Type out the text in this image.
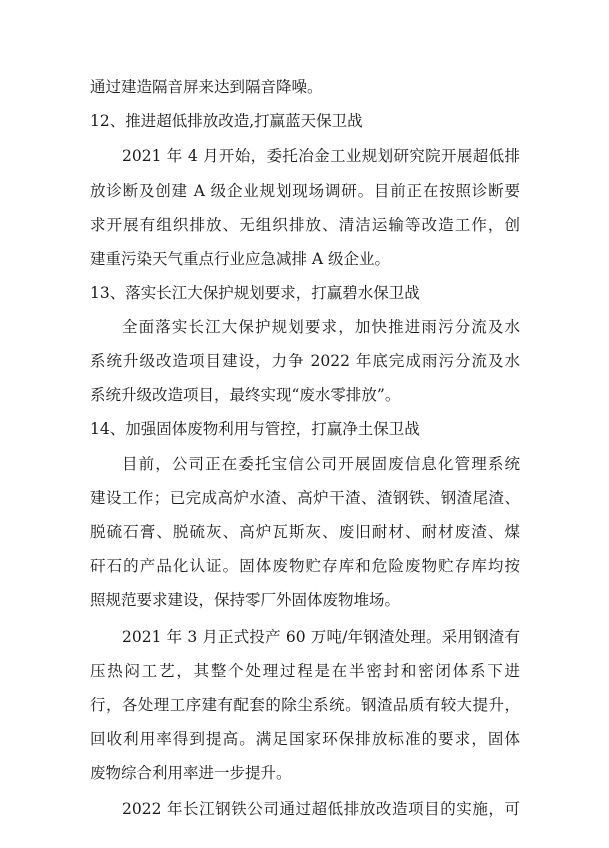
通过建造隔音屏来达到隔音降噪。
12、推进超低排放改造,打赢蓝天保卫战
2021 年 4 月开始，委托冶金工业规划研究院开展超低排
放诊断及创建 A 级企业规划现场调研。目前正在按照诊断要
求开展有组织排放、无组织排放、清洁运输等改造工作，创
建重污染天气重点行业应急减排 A 级企业。
13、落实长江大保护规划要求，打赢碧水保卫战
全面落实长江大保护规划要求，加快推进雨污分流及水
系统升级改造项目建设，力争 2022 年底完成雨污分流及水
系统升级改造项目，最终实现“废水零排放”。
14、加强固体废物利用与管控，打赢净土保卫战
目前，公司正在委托宝信公司开展固废信息化管理系统
建设工作；已完成高炉水渣、高炉干渣、渣钢铁、钢渣尾渣、
脱硫石膏、脱硫灰、高炉瓦斯灰、废旧耐材、耐材废渣、煤
矸石的产品化认证。固体废物贮存库和危险废物贮存库均按
照规范要求建设，保持零厂外固体废物堆场。
2021 年 3 月正式投产 60 万吨/年钢渣处理。采用钢渣有
压热闷工艺，其整个处理过程是在半密封和密闭体系下进
行，各处理工序建有配套的除尘系统。钢渣品质有较大提升，
回收利用率得到提高。满足国家环保排放标准的要求，固体
废物综合利用率进一步提升。
2022 年长江钢铁公司通过超低排放改造项目的实施，可
